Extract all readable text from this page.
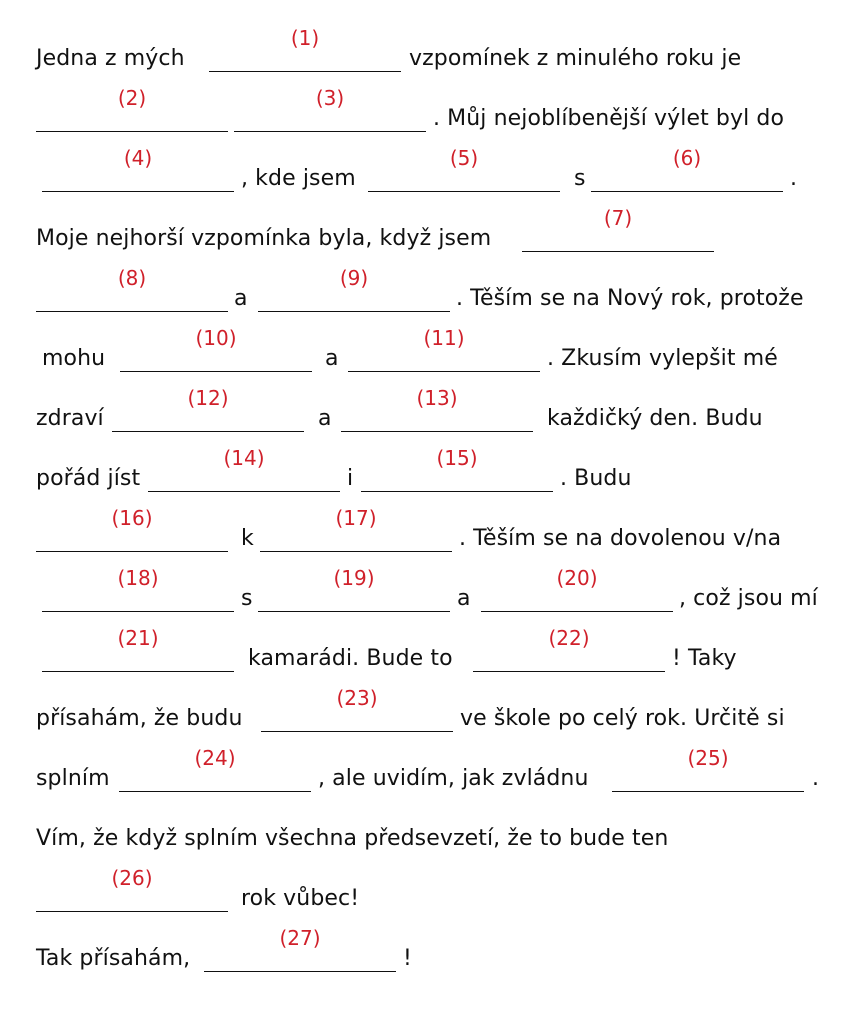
Jedna z mých
(1)
vzpomínek z minulého roku je
(2)	(3)
. Můj nejoblíbenější výlet byl do
(4)
, kde jsem
(5)
s
(6)
.
Moje nejhorší vzpomínka byla, když jsem
(7)
(8)
a
(9)
. Těším se na Nový rok, protože
mohu
(10)
a
(11)
. Zkusím vylepšit mé
zdraví
(12)
a
(13)
každičký den. Budu
pořád jíst
(14)
i
(15)
. Budu
(16)
k
(17)
. Těším se na dovolenou v/na
(18)
s
(19)
a
(20)
, což jsou mí
(21)
kamarádi. Bude to
(22)
! Taky
přísahám, že budu
(23)
ve škole po celý rok. Určitě si
splním
(24)
, ale uvidím, jak zvládnu
(25)
.
Vím, že když splním všechna předsevzetí, že to bude ten
(26)
rok vůbec!
Tak přísahám,
(27)
!
